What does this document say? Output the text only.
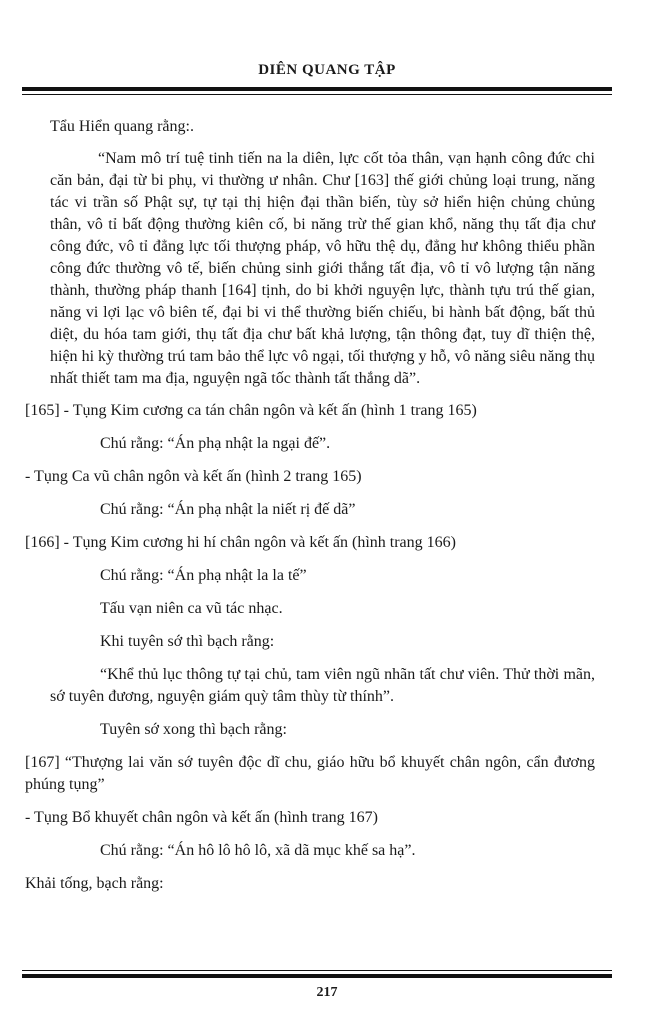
DIÊN QUANG TẬP

Tẩu Hiển quang rằng:.

“Nam mô trí tuệ tinh tiến na la diên, lực cốt tỏa thân, vạn hạnh công đức chi căn bản, đại từ bi phụ, vi thường ư nhân. Chư [163] thế giới chủng loại trung, năng tác vi trần số Phật sự, tự tại thị hiện đại thần biến, tùy sở hiển hiện chủng chủng thân, vô tỉ bất động thường kiên cố, bi năng trừ thế gian khổ, năng thụ tất địa chư công đức, vô tỉ đẳng lực tối thượng pháp, vô hữu thệ dụ, đẳng hư không thiểu phần công đức thường vô tế, biến chủng sinh giới thắng tất địa, vô tỉ vô lượng tận năng thành, thường pháp thanh [164] tịnh, do bi khởi nguyện lực, thành tựu trú thế gian, năng vi lợi lạc vô biên tế, đại bi vi thể thường biến chiếu, bi hành bất động, bất thủ diệt, du hóa tam giới, thụ tất địa chư bất khả lượng, tận thông đạt, tuy dĩ thiện thệ, hiện hi kỳ thường trú tam bảo thể lực vô ngại, tối thượng y hỗ, vô năng siêu năng thụ nhất thiết tam ma địa, nguyện ngã tốc thành tất thắng dã”.

[165] - Tụng Kim cương ca tán chân ngôn và kết ấn (hình 1 trang 165)

Chú rằng: “Án phạ nhật la ngại đế”.

- Tụng Ca vũ chân ngôn và kết ấn (hình 2 trang 165)

Chú rằng: “Án phạ nhật la niết rị đế dã”

[166] - Tụng Kim cương hi hí chân ngôn và kết ấn (hình trang 166)

Chú rằng: “Án phạ nhật la la tế”

Tấu vạn niên ca vũ tác nhạc.

Khi tuyên sớ thì bạch rằng:

“Khể thủ lục thông tự tại chủ, tam viên ngũ nhãn tất chư viên. Thử thời mãn, sớ tuyên đương, nguyện giám quỳ tâm thùy từ thính”.

Tuyên sớ xong thì bạch rằng:

[167] “Thượng lai văn sớ tuyên độc dĩ chu, giáo hữu bổ khuyết chân ngôn, cẩn đương phúng tụng”

- Tụng Bổ khuyết chân ngôn và kết ấn (hình trang 167)

Chú rằng: “Án hô lô hô lô, xã dã mục khế sa hạ”.

Khải tống, bạch rằng:

217
